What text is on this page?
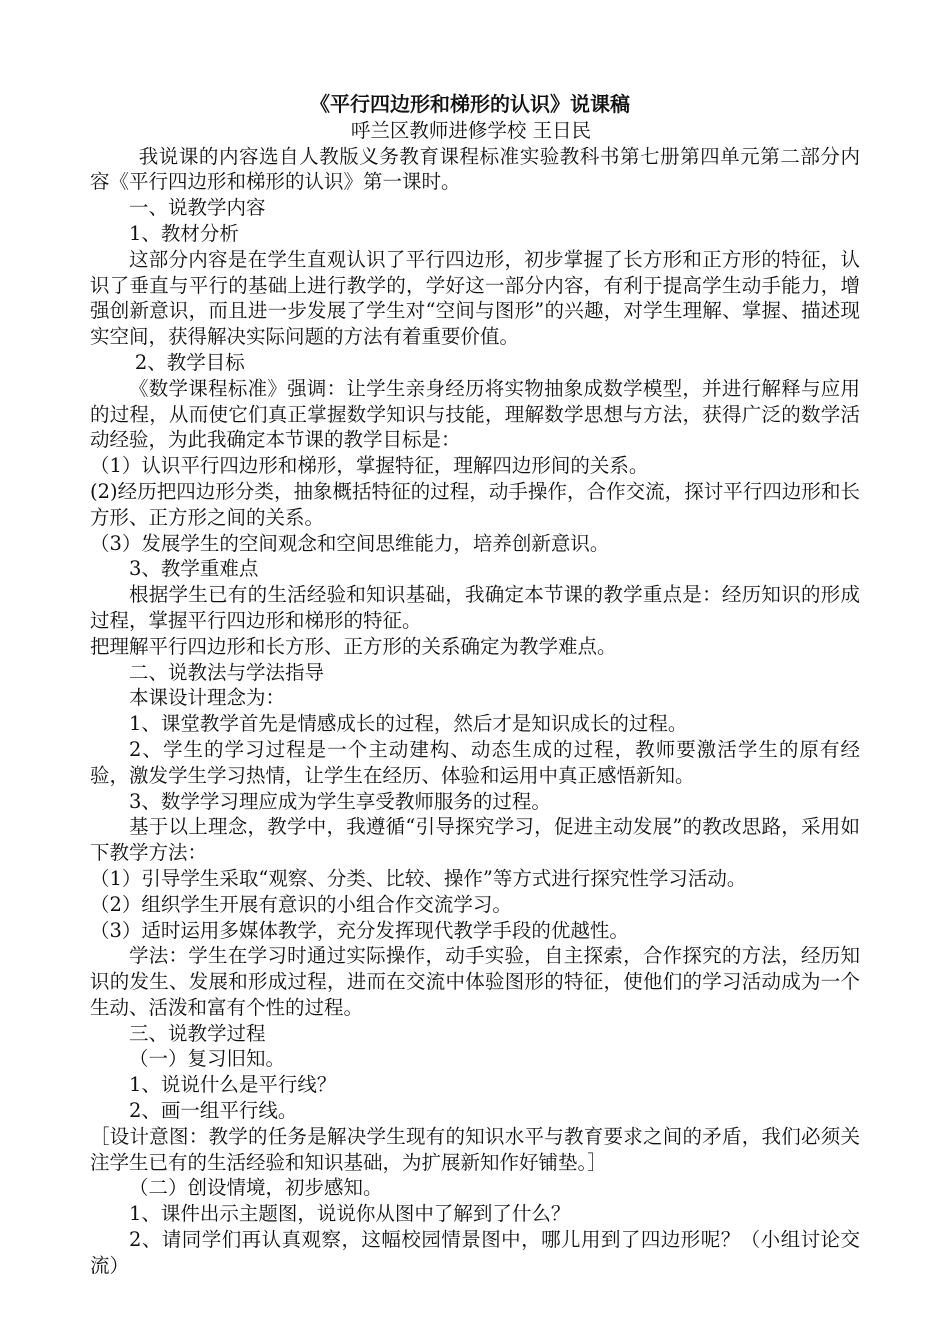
《平行四边形和梯形的认识》说课稿
呼兰区教师进修学校 王日民
我说课的内容选自人教版义务教育课程标准实验教科书第七册第四单元第二部分内容《平行四边形和梯形的认识》第一课时。
一、说教学内容
1、教材分析
这部分内容是在学生直观认识了平行四边形，初步掌握了长方形和正方形的特征，认识了垂直与平行的基础上进行教学的，学好这一部分内容，有利于提高学生动手能力，增强创新意识，而且进一步发展了学生对“空间与图形”的兴趣，对学生理解、掌握、描述现实空间，获得解决实际问题的方法有着重要价值。
2、教学目标
《数学课程标准》强调：让学生亲身经历将实物抽象成数学模型，并进行解释与应用的过程，从而使它们真正掌握数学知识与技能，理解数学思想与方法，获得广泛的数学活动经验，为此我确定本节课的教学目标是：
（1）认识平行四边形和梯形，掌握特征，理解四边形间的关系。
(2)经历把四边形分类，抽象概括特征的过程，动手操作，合作交流，探讨平行四边形和长方形、正方形之间的关系。
（3）发展学生的空间观念和空间思维能力，培养创新意识。
3、教学重难点
根据学生已有的生活经验和知识基础，我确定本节课的教学重点是：经历知识的形成过程，掌握平行四边形和梯形的特征。
把理解平行四边形和长方形、正方形的关系确定为教学难点。
二、说教法与学法指导
本课设计理念为：
1、课堂教学首先是情感成长的过程，然后才是知识成长的过程。
2、学生的学习过程是一个主动建构、动态生成的过程，教师要激活学生的原有经验，激发学生学习热情，让学生在经历、体验和运用中真正感悟新知。
3、数学学习理应成为学生享受教师服务的过程。
基于以上理念，教学中，我遵循“引导探究学习，促进主动发展”的教改思路，采用如下教学方法：
（1）引导学生采取“观察、分类、比较、操作”等方式进行探究性学习活动。
（2）组织学生开展有意识的小组合作交流学习。
（3）适时运用多媒体教学，充分发挥现代教学手段的优越性。
学法：学生在学习时通过实际操作，动手实验，自主探索，合作探究的方法，经历知识的发生、发展和形成过程，进而在交流中体验图形的特征，使他们的学习活动成为一个生动、活泼和富有个性的过程。
三、说教学过程
（一）复习旧知。
1、说说什么是平行线？
2、画一组平行线。
［设计意图：教学的任务是解决学生现有的知识水平与教育要求之间的矛盾，我们必须关注学生已有的生活经验和知识基础，为扩展新知作好铺垫。］
（二）创设情境，初步感知。
1、课件出示主题图，说说你从图中了解到了什么？
2、请同学们再认真观察，这幅校园情景图中，哪儿用到了四边形呢？（小组讨论交流）
